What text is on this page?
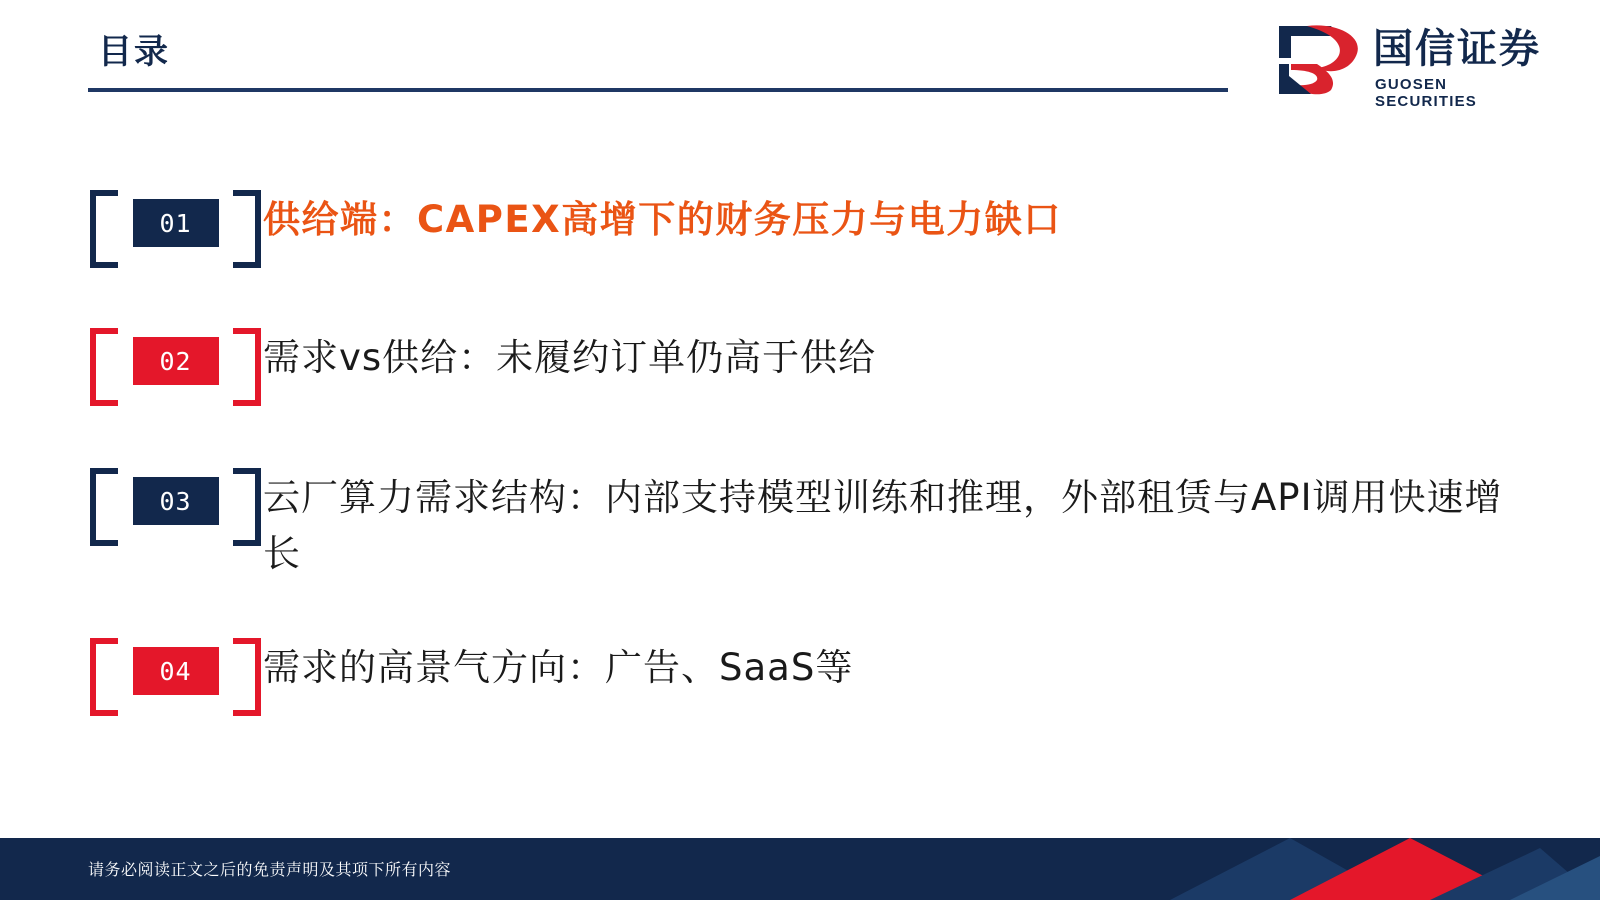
目录	国信证券
GUOSEN SECURITIES
01	供给端：CAPEX高增下的财务压力与电力缺口
02	需求vs供给：未履约订单仍高于供给
03	云厂算力需求结构：内部支持模型训练和推理，外部租赁与API调用快速增长
04	需求的高景气方向：广告、SaaS等
请务必阅读正文之后的免责声明及其项下所有内容
